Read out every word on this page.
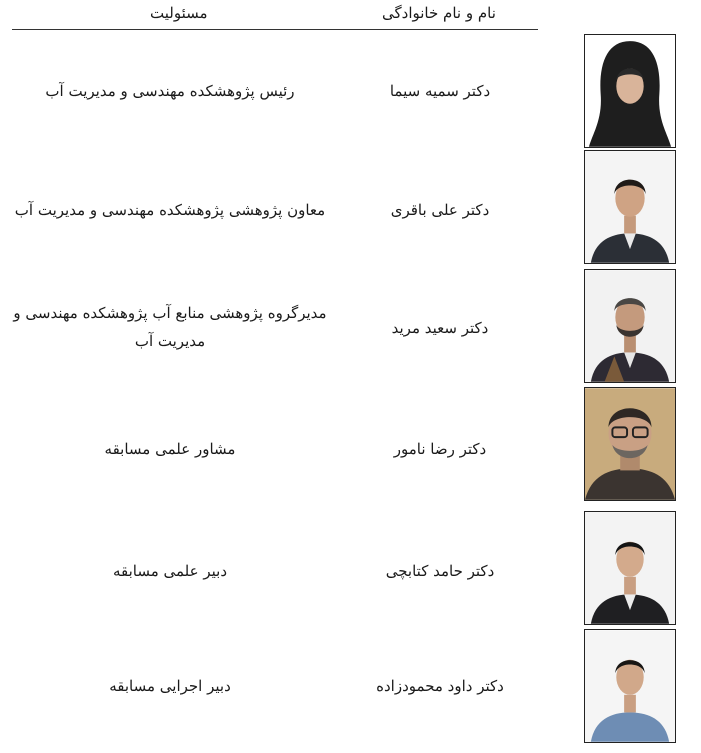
مسئولیت	نام و نام خانوادگی
دکتر سمیه سیما
رئیس پژوهشکده مهندسی و مدیریت آب
دکتر علی باقری
معاون پژوهشی پژوهشکده مهندسی و مدیریت آب
دکتر سعید مرید
مدیرگروه پژوهشی منابع آب پژوهشکده مهندسی و مدیریت آب
دکتر رضا نامور
مشاور علمی مسابقه
دکتر حامد کتابچی
دبیر علمی مسابقه
دکتر داود محمودزاده
دبیر اجرایی مسابقه
